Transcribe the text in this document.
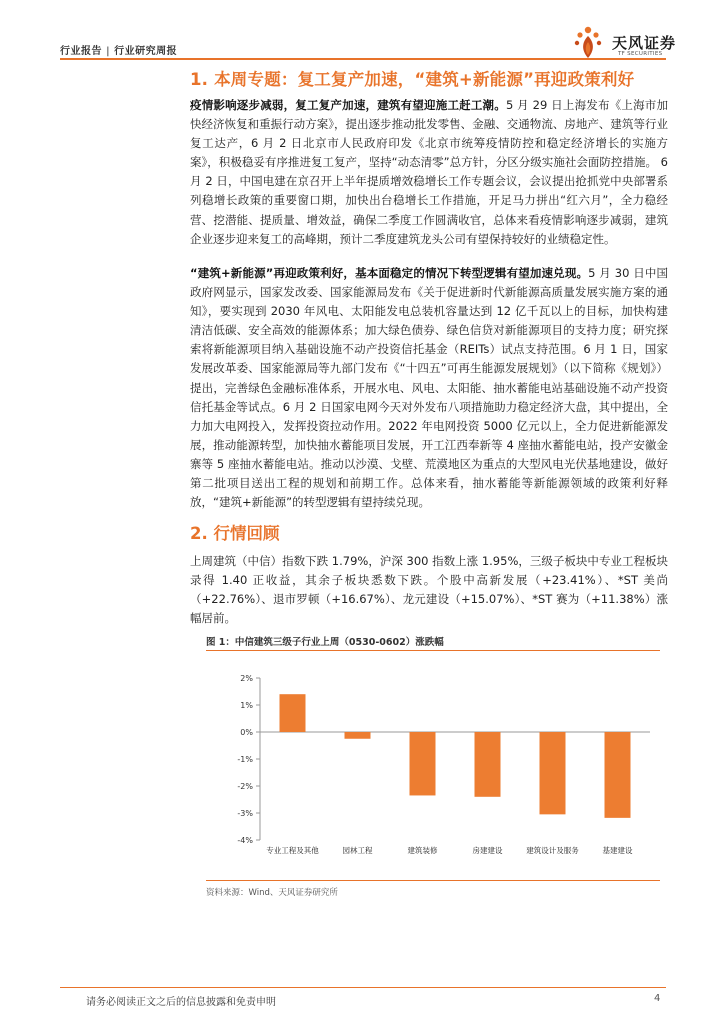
行业报告 | 行业研究周报	天风证券
TF SECURITIES
1. 本周专题：复工复产加速，“建筑+新能源”再迎政策利好

疫情影响逐步减弱，复工复产加速，建筑有望迎施工赶工潮。5 月 29 日上海发布《上海市加快经济恢复和重振行动方案》，提出逐步推动批发零售、金融、交通物流、房地产、建筑等行业复工达产，6 月 2 日北京市人民政府印发《北京市统筹疫情防控和稳定经济增长的实施方案》，积极稳妥有序推进复工复产，坚持“动态清零”总方针，分区分级实施社会面防控措施。 6 月 2 日，中国电建在京召开上半年提质增效稳增长工作专题会议，会议提出抢抓党中央部署系列稳增长政策的重要窗口期，加快出台稳增长工作措施，开足马力拼出“红六月”，全力稳经营、挖潜能、提质量、增效益，确保二季度工作圆满收官，总体来看疫情影响逐步减弱，建筑企业逐步迎来复工的高峰期，预计二季度建筑龙头公司有望保持较好的业绩稳定性。

“建筑+新能源”再迎政策利好，基本面稳定的情况下转型逻辑有望加速兑现。5 月 30 日中国政府网显示，国家发改委、国家能源局发布《关于促进新时代新能源高质量发展实施方案的通知》，要实现到 2030 年风电、太阳能发电总装机容量达到 12 亿千瓦以上的目标，加快构建清洁低碳、安全高效的能源体系；加大绿色债券、绿色信贷对新能源项目的支持力度；研究探索将新能源项目纳入基础设施不动产投资信托基金（REITs）试点支持范围。6 月 1 日，国家发展改革委、国家能源局等九部门发布《“十四五”可再生能源发展规划》（以下简称《规划》）提出，完善绿色金融标准体系，开展水电、风电、太阳能、抽水蓄能电站基础设施不动产投资信托基金等试点。6 月 2 日国家电网今天对外发布八项措施助力稳定经济大盘，其中提出，全力加大电网投入，发挥投资拉动作用。2022 年电网投资 5000 亿元以上，全力促进新能源发展，推动能源转型，加快抽水蓄能项目发展，开工江西奉新等 4 座抽水蓄能电站，投产安徽金寨等 5 座抽水蓄能电站。推动以沙漠、戈壁、荒漠地区为重点的大型风电光伏基地建设，做好第二批项目送出工程的规划和前期工作。总体来看，抽水蓄能等新能源领域的政策利好释放，“建筑+新能源”的转型逻辑有望持续兑现。

2. 行情回顾

上周建筑（中信）指数下跌 1.79%，沪深 300 指数上涨 1.95%，三级子板块中专业工程板块录得 1.40 正收益，其余子板块悉数下跌。个股中高新发展（+23.41%）、*ST 美尚（+22.76%）、退市罗顿（+16.67%）、龙元建设（+15.07%）、*ST 赛为（+11.38%）涨幅居前。

图 1：中信建筑三级子行业上周（0530-0602）涨跌幅
2%
1%
0%
-1%
-2%
-3%
-4%
专业工程及其他	园林工程	建筑装修	房建建设	建筑设计及服务	基建建设
资料来源：Wind、天风证券研究所
请务必阅读正文之后的信息披露和免责申明	4
